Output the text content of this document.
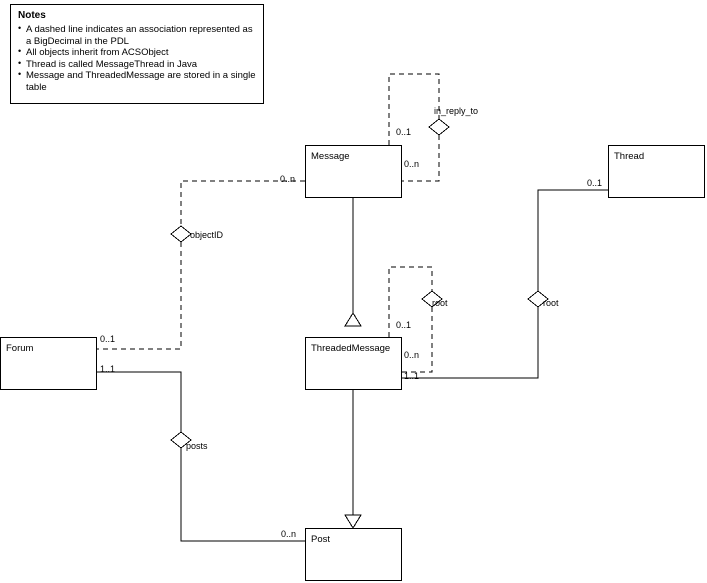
Notes
• A dashed line indicates an association represented as a BigDecimal in the PDL
• All objects inherit from ACSObject
• Thread is called MessageThread in Java
• Message and ThreadedMessage are stored in a single table
Message	Thread
Forum	ThreadedMessage
Post
in_reply_to
objectID
root	root
posts
0..1
0..n
0..n	0..1
0..1
0..1
0..n
1..1
1..1
0..n
